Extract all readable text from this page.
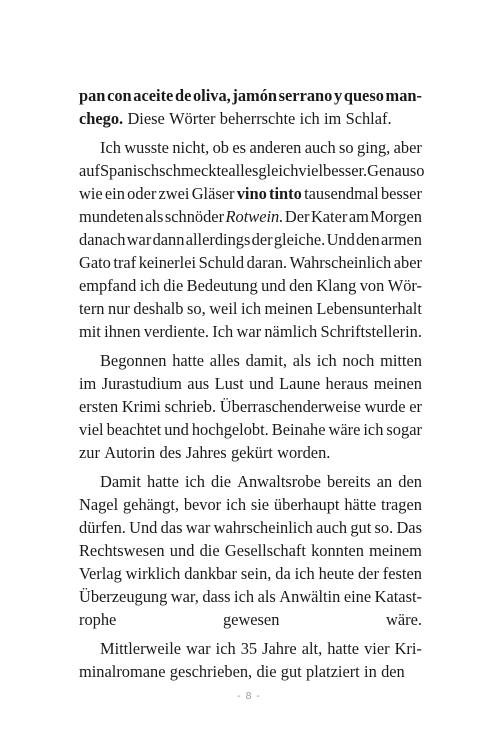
pan con aceite de oliva, jamón serrano y queso man-
chego. Diese Wörter beherrschte ich im Schlaf.
Ich wusste nicht, ob es anderen auch so ging, aber
auf Spanisch schmeckte alles gleich viel besser. Genauso
wie ein oder zwei Gläser vino tinto tausendmal besser
mundeten als schnöder Rotwein. Der Kater am Morgen
danach war dann allerdings der gleiche. Und den armen
Gato traf keinerlei Schuld daran. Wahrscheinlich aber
empfand ich die Bedeutung und den Klang von Wör-
tern nur deshalb so, weil ich meinen Lebensunterhalt
mit ihnen verdiente. Ich war nämlich Schriftstellerin.
Begonnen hatte alles damit, als ich noch mitten
im Jurastudium aus Lust und Laune heraus meinen
ersten Krimi schrieb. Überraschenderweise wurde er
viel beachtet und hochgelobt. Beinahe wäre ich sogar
zur Autorin des Jahres gekürt worden.
Damit hatte ich die Anwaltsrobe bereits an den
Nagel gehängt, bevor ich sie überhaupt hätte tragen
dürfen. Und das war wahrscheinlich auch gut so. Das
Rechtswesen und die Gesellschaft konnten meinem
Verlag wirklich dankbar sein, da ich heute der festen
Überzeugung war, dass ich als Anwältin eine Katast-
rophe	gewesen	wäre.
Mittlerweile war ich 35 Jahre alt, hatte vier Kri-
minalromane geschrieben, die gut platziert in den
- 8 -
